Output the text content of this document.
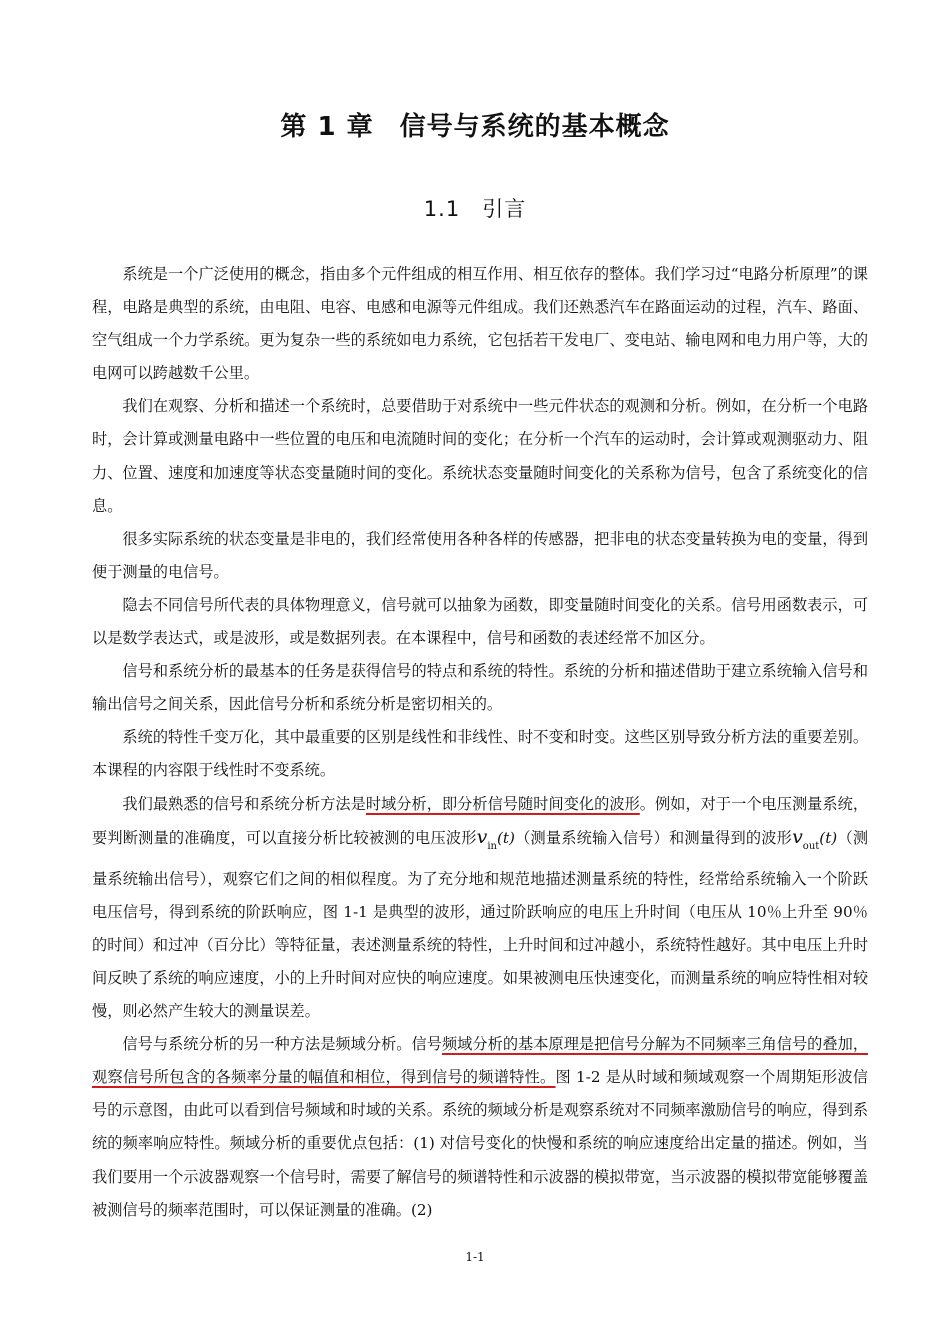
第 1 章 信号与系统的基本概念
1.1 引言

系统是一个广泛使用的概念，指由多个元件组成的相互作用、相互依存的整体。我们学习过“电路分析原理”的课程，电路是典型的系统，由电阻、电容、电感和电源等元件组成。我们还熟悉汽车在路面运动的过程，汽车、路面、空气组成一个力学系统。更为复杂一些的系统如电力系统，它包括若干发电厂、变电站、输电网和电力用户等，大的电网可以跨越数千公里。

我们在观察、分析和描述一个系统时，总要借助于对系统中一些元件状态的观测和分析。例如，在分析一个电路时，会计算或测量电路中一些位置的电压和电流随时间的变化；在分析一个汽车的运动时，会计算或观测驱动力、阻力、位置、速度和加速度等状态变量随时间的变化。系统状态变量随时间变化的关系称为信号，包含了系统变化的信息。

很多实际系统的状态变量是非电的，我们经常使用各种各样的传感器，把非电的状态变量转换为电的变量，得到便于测量的电信号。

隐去不同信号所代表的具体物理意义，信号就可以抽象为函数，即变量随时间变化的关系。信号用函数表示，可以是数学表达式，或是波形，或是数据列表。在本课程中，信号和函数的表述经常不加区分。

信号和系统分析的最基本的任务是获得信号的特点和系统的特性。系统的分析和描述借助于建立系统输入信号和输出信号之间关系，因此信号分析和系统分析是密切相关的。

系统的特性千变万化，其中最重要的区别是线性和非线性、时不变和时变。这些区别导致分析方法的重要差别。本课程的内容限于线性时不变系统。

我们最熟悉的信号和系统分析方法是时域分析，即分析信号随时间变化的波形。例如，对于一个电压测量系统，要判断测量的准确度，可以直接分析比较被测的电压波形$v_{in}(t)$（测量系统输入信号）和测量得到的波形$v_{out}(t)$（测量系统输出信号），观察它们之间的相似程度。为了充分地和规范地描述测量系统的特性，经常给系统输入一个阶跃电压信号，得到系统的阶跃响应，图 1-1 是典型的波形，通过阶跃响应的电压上升时间（电压从 10％上升至 90％的时间）和过冲（百分比）等特征量，表述测量系统的特性，上升时间和过冲越小，系统特性越好。其中电压上升时间反映了系统的响应速度，小的上升时间对应快的响应速度。如果被测电压快速变化，而测量系统的响应特性相对较慢，则必然产生较大的测量误差。

信号与系统分析的另一种方法是频域分析。信号频域分析的基本原理是把信号分解为不同频率三角信号的叠加，观察信号所包含的各频率分量的幅值和相位，得到信号的频谱特性。图 1-2 是从时域和频域观察一个周期矩形波信号的示意图，由此可以看到信号频域和时域的关系。系统的频域分析是观察系统对不同频率激励信号的响应，得到系统的频率响应特性。频域分析的重要优点包括：(1) 对信号变化的快慢和系统的响应速度给出定量的描述。例如，当我们要用一个示波器观察一个信号时，需要了解信号的频谱特性和示波器的模拟带宽，当示波器的模拟带宽能够覆盖被测信号的频率范围时，可以保证测量的准确。(2)

1-1
